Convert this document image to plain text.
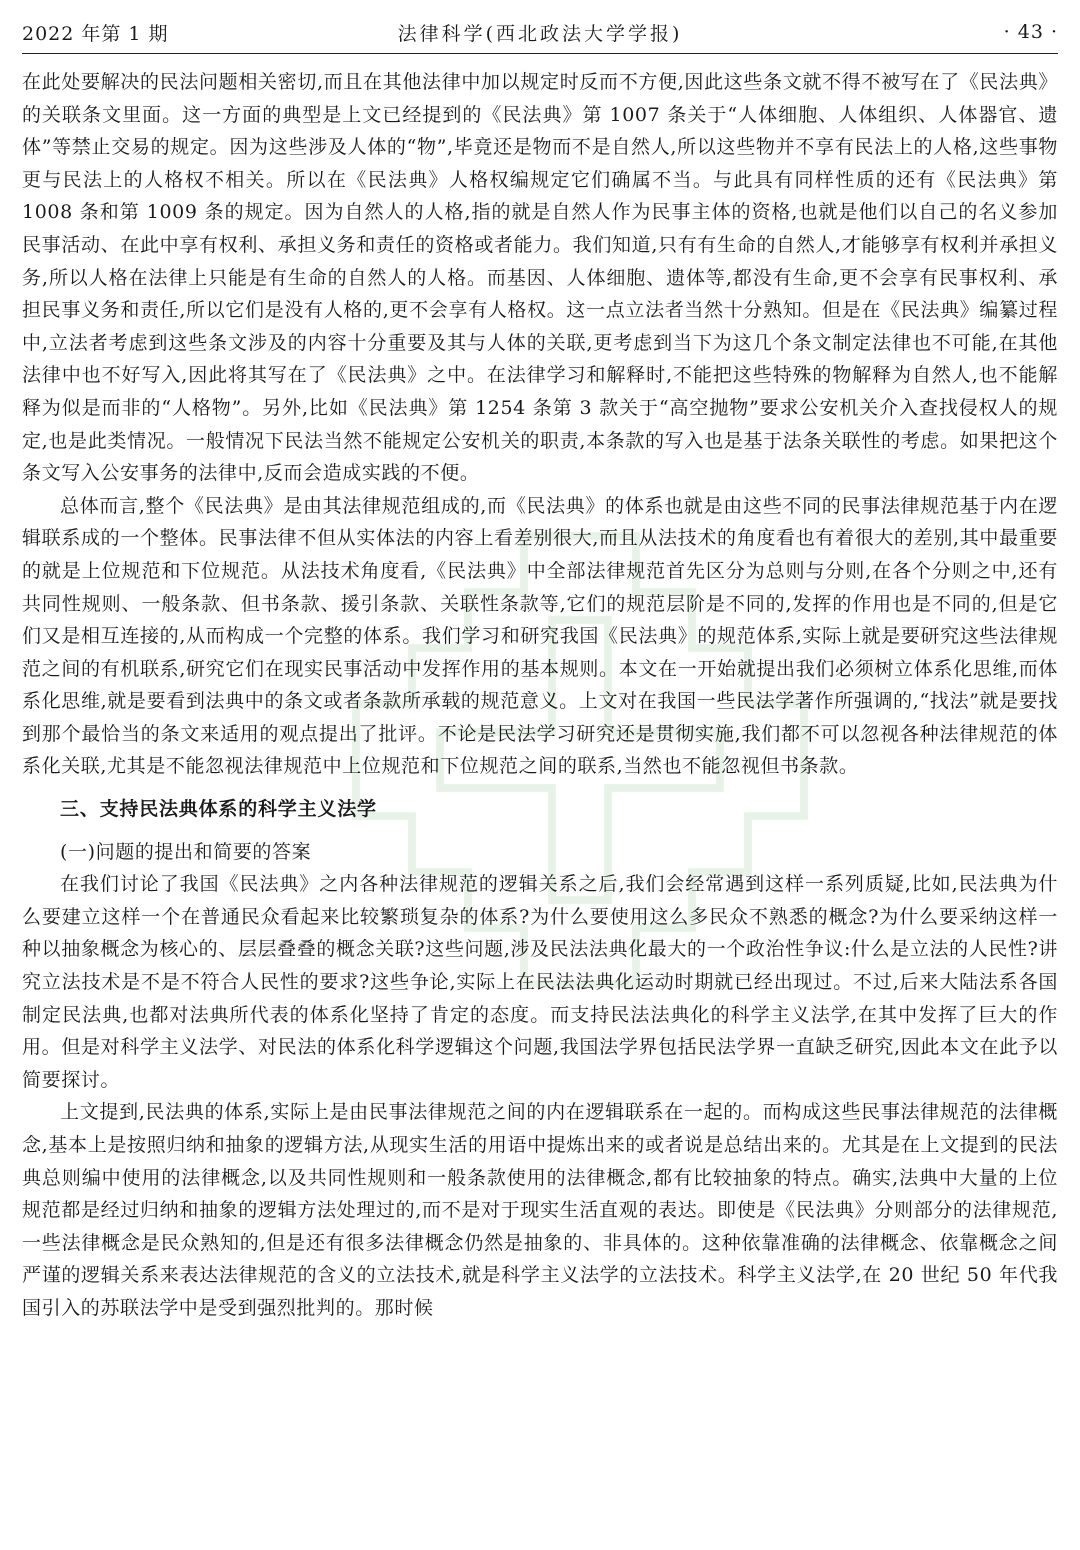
2022 年第 1 期	法律科学(西北政法大学学报)	· 43 ·

在此处要解决的民法问题相关密切,而且在其他法律中加以规定时反而不方便,因此这些条文就不得不被写在了《民法典》的关联条文里面。这一方面的典型是上文已经提到的《民法典》第 1007 条关于“人体细胞、人体组织、人体器官、遗体”等禁止交易的规定。因为这些涉及人体的“物”,毕竟还是物而不是自然人,所以这些物并不享有民法上的人格,这些事物更与民法上的人格权不相关。所以在《民法典》人格权编规定它们确属不当。与此具有同样性质的还有《民法典》第 1008 条和第 1009 条的规定。因为自然人的人格,指的就是自然人作为民事主体的资格,也就是他们以自己的名义参加民事活动、在此中享有权利、承担义务和责任的资格或者能力。我们知道,只有有生命的自然人,才能够享有权利并承担义务,所以人格在法律上只能是有生命的自然人的人格。而基因、人体细胞、遗体等,都没有生命,更不会享有民事权利、承担民事义务和责任,所以它们是没有人格的,更不会享有人格权。这一点立法者当然十分熟知。但是在《民法典》编纂过程中,立法者考虑到这些条文涉及的内容十分重要及其与人体的关联,更考虑到当下为这几个条文制定法律也不可能,在其他法律中也不好写入,因此将其写在了《民法典》之中。在法律学习和解释时,不能把这些特殊的物解释为自然人,也不能解释为似是而非的“人格物”。另外,比如《民法典》第 1254 条第 3 款关于“高空抛物”要求公安机关介入查找侵权人的规定,也是此类情况。一般情况下民法当然不能规定公安机关的职责,本条款的写入也是基于法条关联性的考虑。如果把这个条文写入公安事务的法律中,反而会造成实践的不便。

总体而言,整个《民法典》是由其法律规范组成的,而《民法典》的体系也就是由这些不同的民事法律规范基于内在逻辑联系成的一个整体。民事法律不但从实体法的内容上看差别很大,而且从法技术的角度看也有着很大的差别,其中最重要的就是上位规范和下位规范。从法技术角度看,《民法典》中全部法律规范首先区分为总则与分则,在各个分则之中,还有共同性规则、一般条款、但书条款、援引条款、关联性条款等,它们的规范层阶是不同的,发挥的作用也是不同的,但是它们又是相互连接的,从而构成一个完整的体系。我们学习和研究我国《民法典》的规范体系,实际上就是要研究这些法律规范之间的有机联系,研究它们在现实民事活动中发挥作用的基本规则。本文在一开始就提出我们必须树立体系化思维,而体系化思维,就是要看到法典中的条文或者条款所承载的规范意义。上文对在我国一些民法学著作所强调的,“找法”就是要找到那个最恰当的条文来适用的观点提出了批评。不论是民法学习研究还是贯彻实施,我们都不可以忽视各种法律规范的体系化关联,尤其是不能忽视法律规范中上位规范和下位规范之间的联系,当然也不能忽视但书条款。

三、支持民法典体系的科学主义法学

(一)问题的提出和简要的答案

在我们讨论了我国《民法典》之内各种法律规范的逻辑关系之后,我们会经常遇到这样一系列质疑,比如,民法典为什么要建立这样一个在普通民众看起来比较繁琐复杂的体系?为什么要使用这么多民众不熟悉的概念?为什么要采纳这样一种以抽象概念为核心的、层层叠叠的概念关联?这些问题,涉及民法法典化最大的一个政治性争议:什么是立法的人民性?讲究立法技术是不是不符合人民性的要求?这些争论,实际上在民法法典化运动时期就已经出现过。不过,后来大陆法系各国制定民法典,也都对法典所代表的体系化坚持了肯定的态度。而支持民法法典化的科学主义法学,在其中发挥了巨大的作用。但是对科学主义法学、对民法的体系化科学逻辑这个问题,我国法学界包括民法学界一直缺乏研究,因此本文在此予以简要探讨。

上文提到,民法典的体系,实际上是由民事法律规范之间的内在逻辑联系在一起的。而构成这些民事法律规范的法律概念,基本上是按照归纳和抽象的逻辑方法,从现实生活的用语中提炼出来的或者说是总结出来的。尤其是在上文提到的民法典总则编中使用的法律概念,以及共同性规则和一般条款使用的法律概念,都有比较抽象的特点。确实,法典中大量的上位规范都是经过归纳和抽象的逻辑方法处理过的,而不是对于现实生活直观的表达。即使是《民法典》分则部分的法律规范,一些法律概念是民众熟知的,但是还有很多法律概念仍然是抽象的、非具体的。这种依靠准确的法律概念、依靠概念之间严谨的逻辑关系来表达法律规范的含义的立法技术,就是科学主义法学的立法技术。科学主义法学,在 20 世纪 50 年代我国引入的苏联法学中是受到强烈批判的。那时候
